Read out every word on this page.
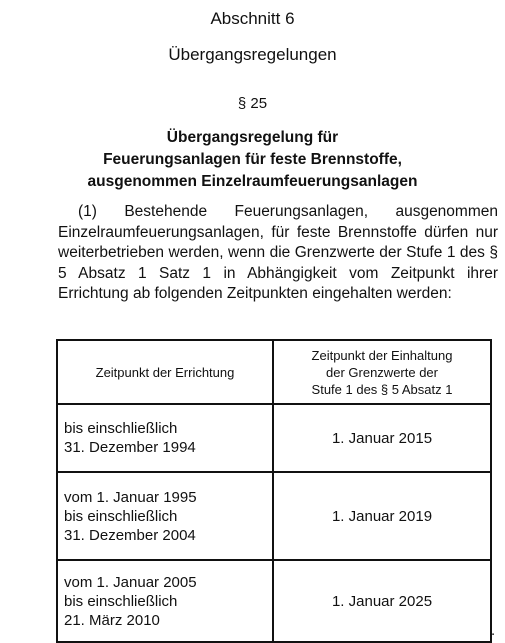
Abschnitt 6
Übergangsregelungen
§ 25
Übergangsregelung für
Feuerungsanlagen für feste Brennstoffe,
ausgenommen Einzelraumfeuerungsanlagen
(1) Bestehende Feuerungsanlagen, ausgenommen Einzelraumfeuerungsanlagen, für feste Brennstoffe dürfen nur weiterbetrieben werden, wenn die Grenzwerte der Stufe 1 des § 5 Absatz 1 Satz 1 in Abhängigkeit vom Zeitpunkt ihrer Errichtung ab folgenden Zeitpunkten eingehalten werden:
Zeitpunkt der Errichtung	Zeitpunkt der Einhaltung
der Grenzwerte der
Stufe 1 des § 5 Absatz 1

bis einschließlich
31. Dezember 1994	1. Januar 2015

vom 1. Januar 1995
bis einschließlich
31. Dezember 2004	1. Januar 2019

vom 1. Januar 2005
bis einschließlich
21. März 2010	1. Januar 2025
.
